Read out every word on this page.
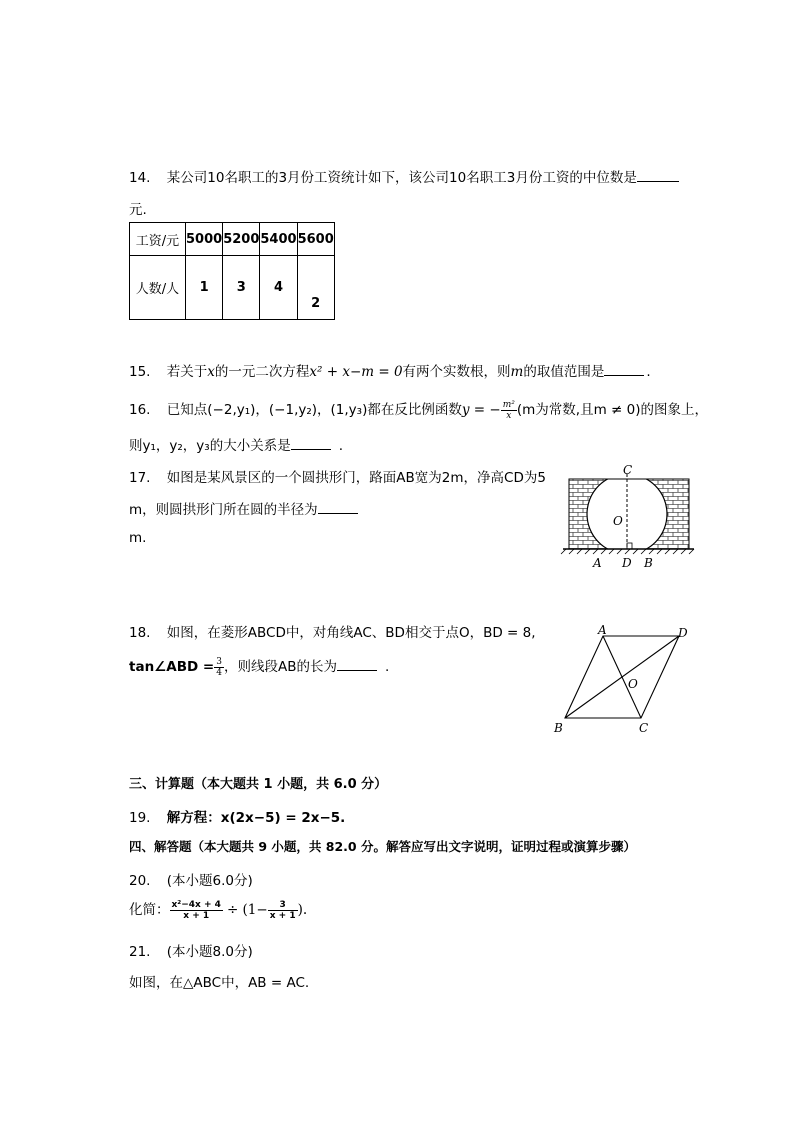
14. 某公司10名职工的3月份工资统计如下，该公司10名职工3月份工资的中位数是
元.
工资/元	5000	5200	5400	5600
人数/人	1	3	4	2
15. 若关于x的一元二次方程x² + x−m = 0有两个实数根，则m的取值范围是	.
16. 已知点(−2,y₁)，(−1,y₂)，(1,y₃)都在反比例函数y = − $\frac{\text{m²}}{x} (m$为常数,且m ≠ 0)的图象上，
则y₁，y₂，y₃的大小关系是	.
17. 如图是某风景区的一个圆拱形门，路面AB宽为2m，净高CD为5
m，则圆拱形门所在圆的半径为
m.
C
O
A D B
18. 如图，在菱形ABCD中，对角线AC、BD相交于点O，BD = 8,
tan∠ABD = $\frac{3}{4}$ ，则线段AB的长为	.
A	D
O
B	C
三、计算题（本大题共 1 小题，共 6.0 分）
19. 解方程：x(2x−5) = 2x−5.
四、解答题（本大题共 9 小题，共 82.0 分。解答应写出文字说明，证明过程或演算步骤）
20. (本小题6.0分)
化简： $\frac{\text{x²−4x + 4}}{x + 1} \div (1- \frac{3}{x + 1}$ ).
21. (本小题8.0分)
如图，在△ABC中，AB = AC.
